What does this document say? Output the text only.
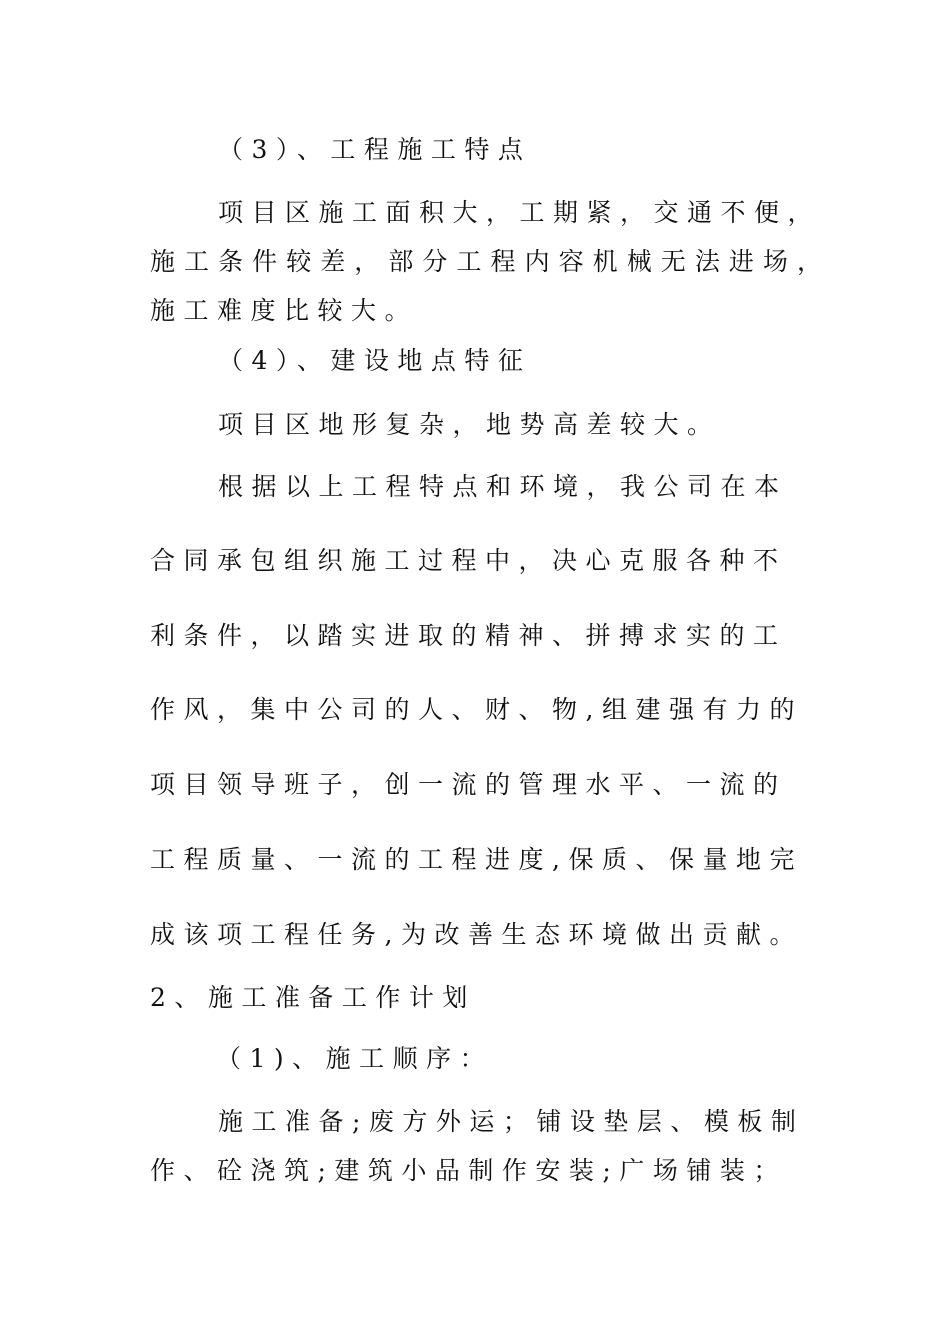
（3）、工程施工特点
项目区施工面积大，工期紧，交通不便，
施工条件较差，部分工程内容机械无法进场，
施工难度比较大。
（4）、建设地点特征
项目区地形复杂，地势高差较大。
根据以上工程特点和环境，我公司在本
合同承包组织施工过程中，决心克服各种不
利条件，以踏实进取的精神、拼搏求实的工
作风，集中公司的人、财、物,组建强有力的
项目领导班子，创一流的管理水平、一流的
工程质量、一流的工程进度,保质、保量地完
成该项工程任务,为改善生态环境做出贡献。
2、施工准备工作计划
（1)、施工顺序：
施工准备;废方外运；铺设垫层、模板制
作、砼浇筑;建筑小品制作安装;广场铺装；
